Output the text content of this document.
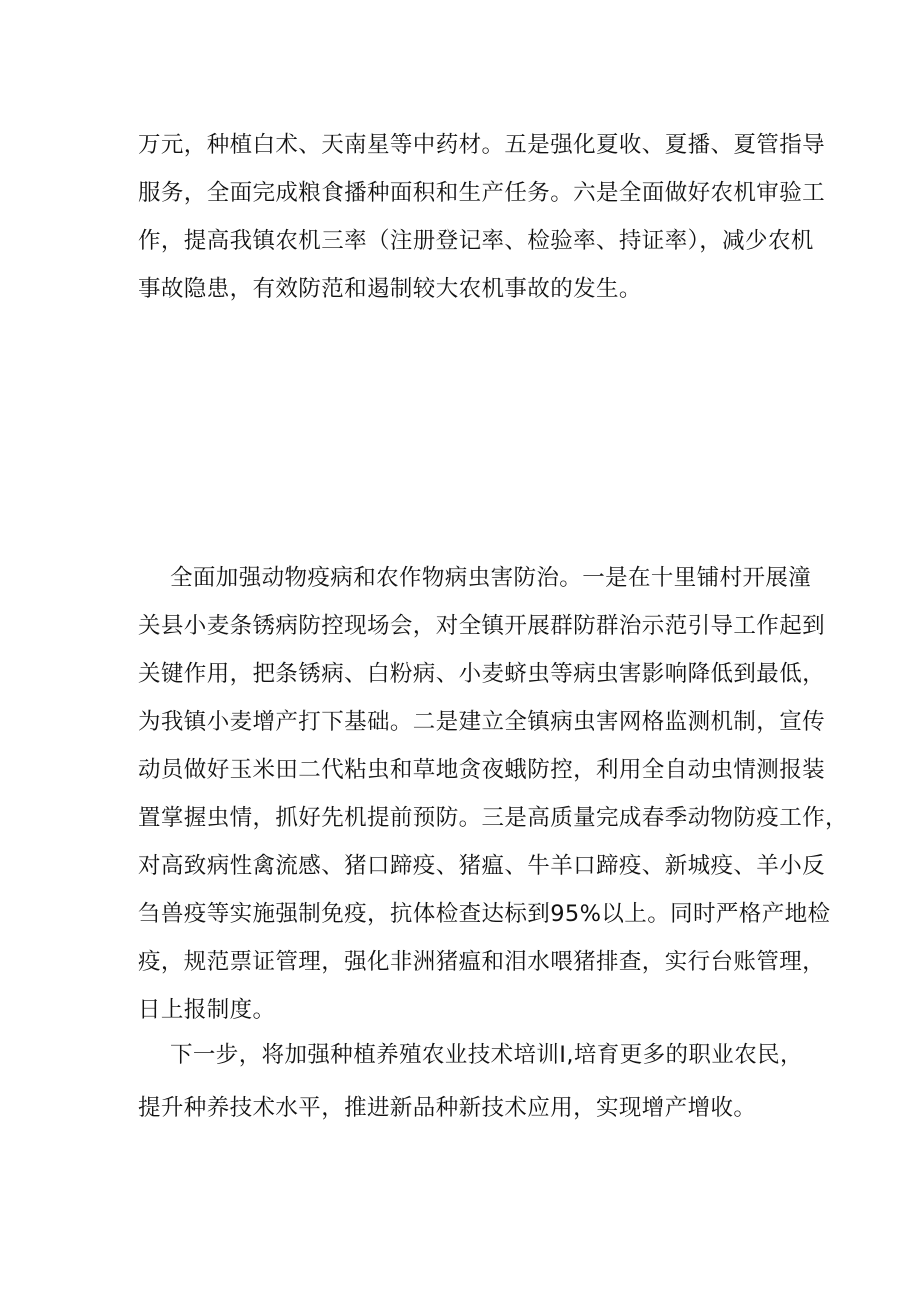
万元，种植白术、天南星等中药材。五是强化夏收、夏播、夏管指导
服务，全面完成粮食播种面积和生产任务。六是全面做好农机审验工
作，提高我镇农机三率（注册登记率、检验率、持证率），减少农机
事故隐患，有效防范和遏制较大农机事故的发生。
全面加强动物疫病和农作物病虫害防治。一是在十里铺村开展潼
关县小麦条锈病防控现场会，对全镇开展群防群治示范引导工作起到
关键作用，把条锈病、白粉病、小麦蛴虫等病虫害影响降低到最低，
为我镇小麦增产打下基础。二是建立全镇病虫害网格监测机制，宣传
动员做好玉米田二代粘虫和草地贪夜蛾防控，利用全自动虫情测报装
置掌握虫情，抓好先机提前预防。三是高质量完成春季动物防疫工作，
对高致病性禽流感、猪口蹄疫、猪瘟、牛羊口蹄疫、新城疫、羊小反
刍兽疫等实施强制免疫，抗体检查达标到95%以上。同时严格产地检
疫，规范票证管理，强化非洲猪瘟和泪水喂猪排查，实行台账管理，
日上报制度。
下一步，将加强种植养殖农业技术培训I,培育更多的职业农民，
提升种养技术水平，推进新品种新技术应用，实现增产增收。
